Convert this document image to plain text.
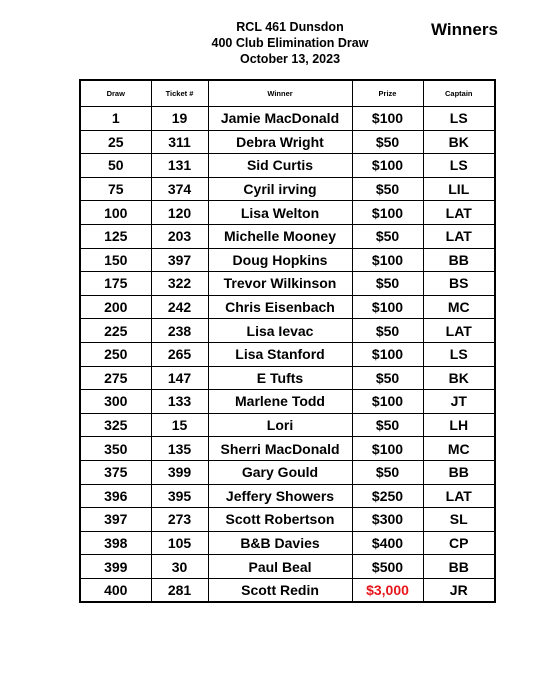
RCL 461 Dunsdon
400 Club Elimination Draw
October 13, 2023
Winners
Draw	Ticket #	Winner	Prize	Captain
1	19	Jamie MacDonald	$100	LS
25	311	Debra Wright	$50	BK
50	131	Sid Curtis	$100	LS
75	374	Cyril irving	$50	LIL
100	120	Lisa Welton	$100	LAT
125	203	Michelle Mooney	$50	LAT
150	397	Doug Hopkins	$100	BB
175	322	Trevor Wilkinson	$50	BS
200	242	Chris Eisenbach	$100	MC
225	238	Lisa Ievac	$50	LAT
250	265	Lisa Stanford	$100	LS
275	147	E Tufts	$50	BK
300	133	Marlene Todd	$100	JT
325	15	Lori	$50	LH
350	135	Sherri MacDonald	$100	MC
375	399	Gary Gould	$50	BB
396	395	Jeffery Showers	$250	LAT
397	273	Scott Robertson	$300	SL
398	105	B&B Davies	$400	CP
399	30	Paul Beal	$500	BB
400	281	Scott Redin	$3,000	JR
